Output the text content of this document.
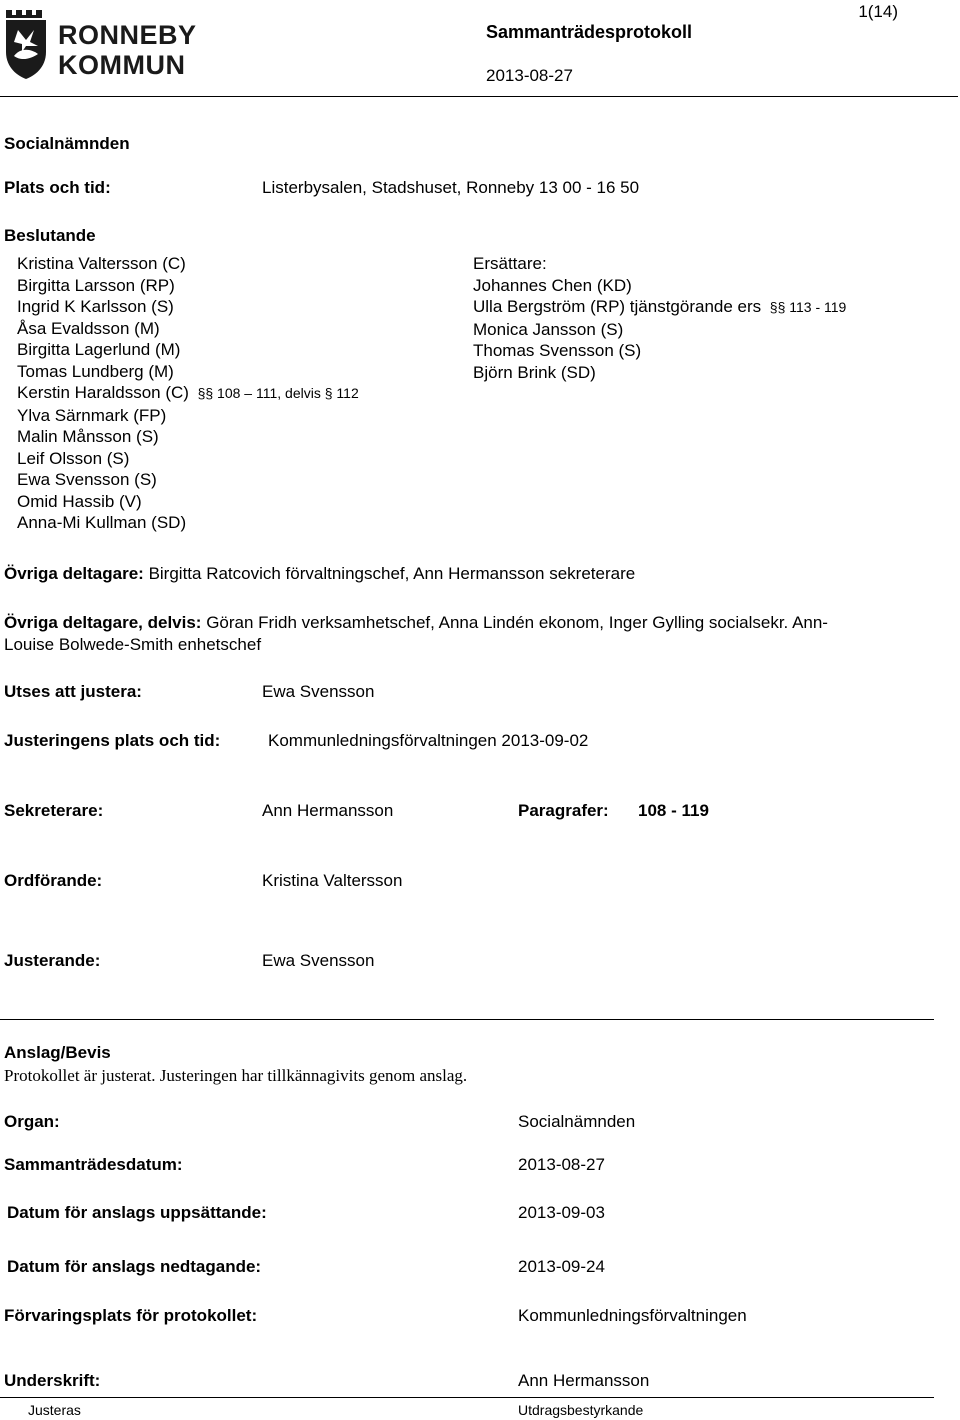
RONNEBY
KOMMUN
1(14)
Sammanträdesprotokoll
2013-08-27
Socialnämnden
Plats och tid:	Listerbysalen, Stadshuset, Ronneby 13 00 - 16 50
Beslutande
Kristina Valtersson (C)
Birgitta Larsson (RP)
Ingrid K Karlsson (S)
Åsa Evaldsson (M)
Birgitta Lagerlund (M)
Tomas Lundberg (M)
Kerstin Haraldsson (C)  §§ 108 – 111, delvis § 112
Ylva Särnmark (FP)
Malin Månsson (S)
Leif Olsson (S)
Ewa Svensson (S)
Omid Hassib (V)
Anna-Mi Kullman (SD)
Ersättare:
Johannes Chen (KD)
Ulla Bergström (RP) tjänstgörande ers  §§ 113 - 119
Monica Jansson (S)
Thomas Svensson (S)
Björn Brink (SD)
Övriga deltagare: Birgitta Ratcovich förvaltningschef, Ann Hermansson sekreterare
Övriga deltagare, delvis: Göran Fridh verksamhetschef, Anna Lindén ekonom, Inger Gylling socialsekr. Ann-
Louise Bolwede-Smith enhetschef
Utses att justera:	Ewa Svensson
Justeringens plats och tid:	Kommunledningsförvaltningen 2013-09-02
Sekreterare:	Ann Hermansson	Paragrafer: 108 - 119
Ordförande:	Kristina Valtersson
Justerande:	Ewa Svensson
Anslag/Bevis
Protokollet är justerat. Justeringen har tillkännagivits genom anslag.
Organ:	Socialnämnden
Sammanträdesdatum:	2013-08-27
Datum för anslags uppsättande:	2013-09-03
Datum för anslags nedtagande:	2013-09-24
Förvaringsplats för protokollet:	Kommunledningsförvaltningen
Underskrift:	Ann Hermansson
Justeras	Utdragsbestyrkande
